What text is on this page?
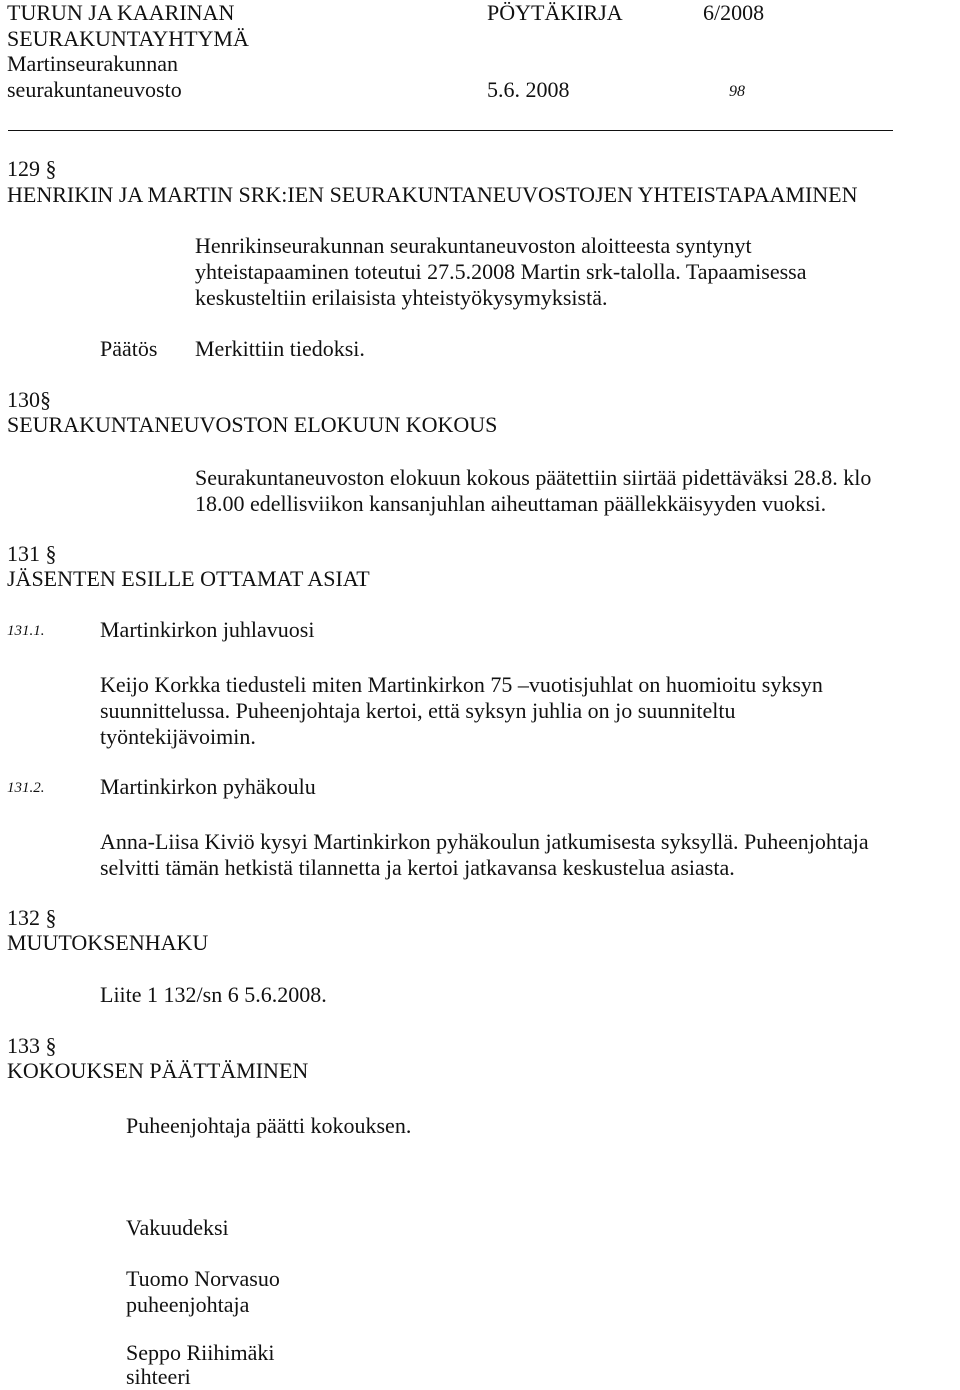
TURUN JA KAARINAN
SEURAKUNTAYHTYMÄ
Martinseurakunnan
seurakuntaneuvosto
PÖYTÄKIRJA	6/2008
5.6. 2008	98
129 §
HENRIKIN JA MARTIN SRK:IEN SEURAKUNTANEUVOSTOJEN YHTEISTAPAAMINEN
Henrikinseurakunnan seurakuntaneuvoston aloitteesta syntynyt
yhteistapaaminen toteutui 27.5.2008 Martin srk-talolla. Tapaamisessa
keskusteltiin erilaisista yhteistyökysymyksistä.
Päätös Merkittiin tiedoksi.
130§
SEURAKUNTANEUVOSTON ELOKUUN KOKOUS
Seurakuntaneuvoston elokuun kokous päätettiin siirtää pidettäväksi 28.8. klo
18.00 edellisviikon kansanjuhlan aiheuttaman päällekkäisyyden vuoksi.
131 §
JÄSENTEN ESILLE OTTAMAT ASIAT
131.1.	Martinkirkon juhlavuosi
Keijo Korkka tiedusteli miten Martinkirkon 75 –vuotisjuhlat on huomioitu syksyn
suunnittelussa. Puheenjohtaja kertoi, että syksyn juhlia on jo suunniteltu
työntekijävoimin.
131.2.	Martinkirkon pyhäkoulu
Anna-Liisa Kiviö kysyi Martinkirkon pyhäkoulun jatkumisesta syksyllä. Puheenjohtaja
selvitti tämän hetkistä tilannetta ja kertoi jatkavansa keskustelua asiasta.
132 §
MUUTOKSENHAKU
Liite 1 132/sn 6 5.6.2008.
133 §
KOKOUKSEN PÄÄTTÄMINEN
Puheenjohtaja päätti kokouksen.
Vakuudeksi
Tuomo Norvasuo
puheenjohtaja
Seppo Riihimäki
sihteeri
